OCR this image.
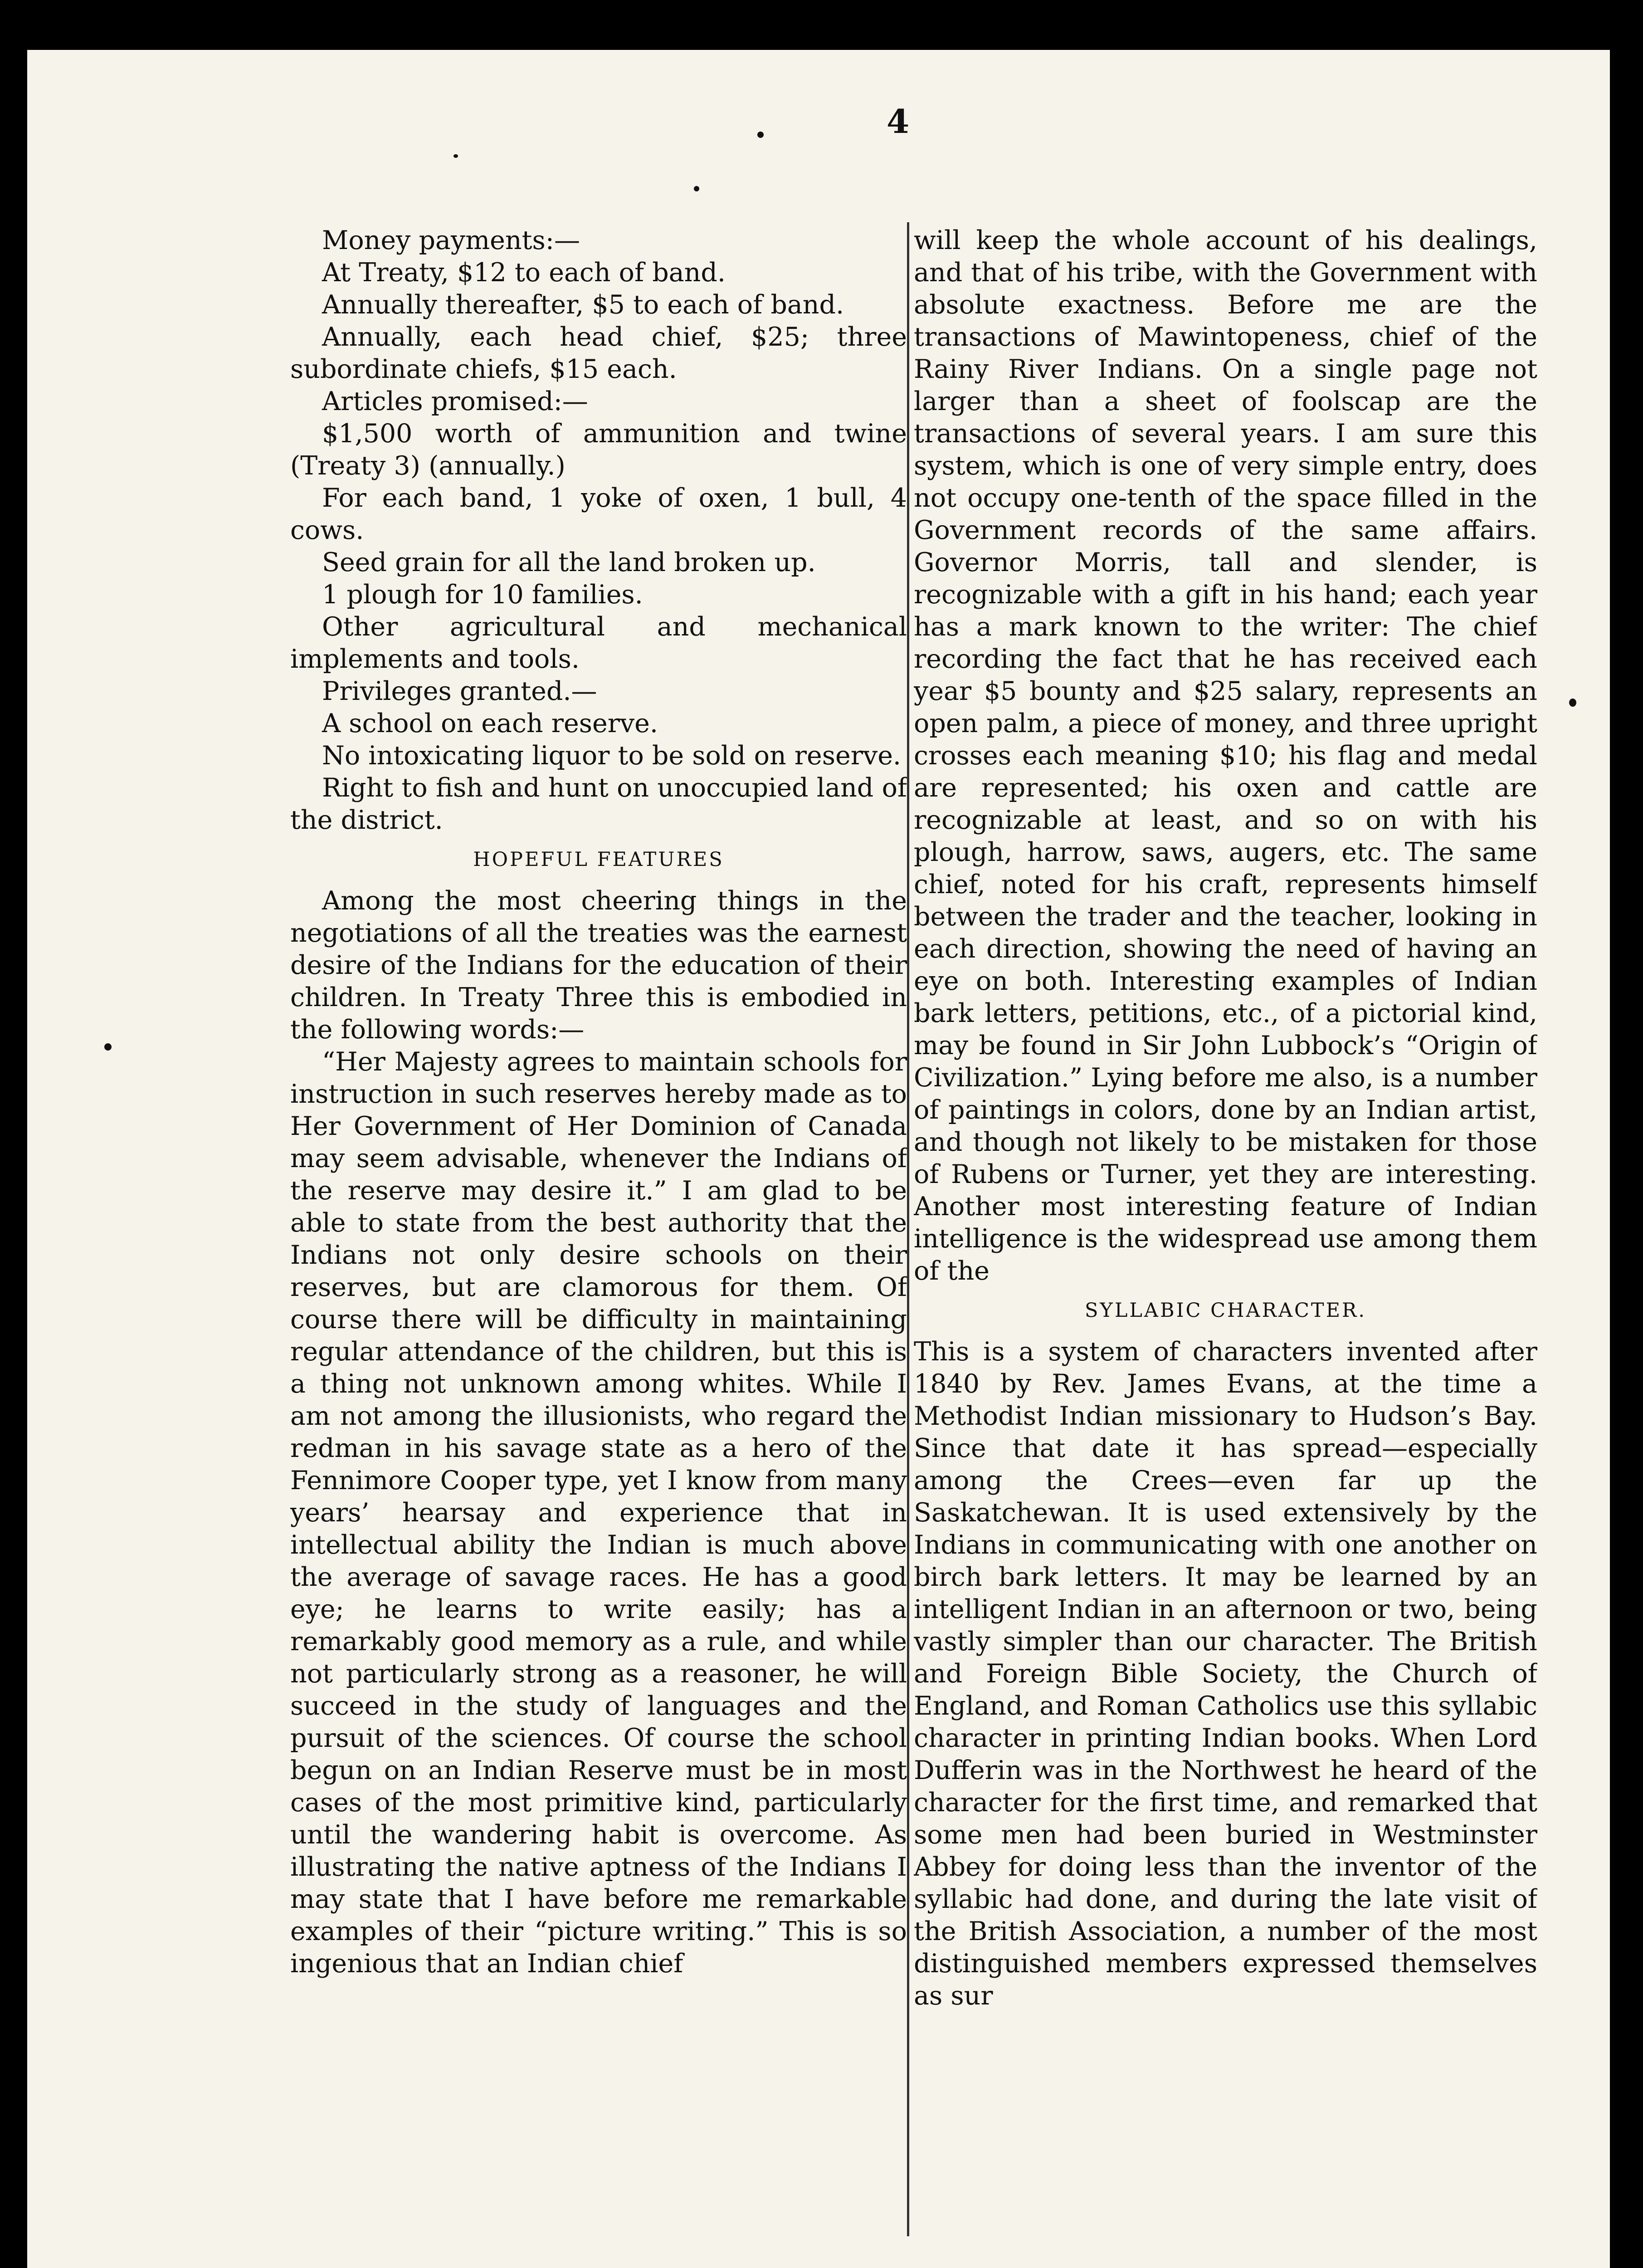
4

Money payments:—

At Treaty, $12 to each of band.

Annually thereafter, $5 to each of band.

Annually, each head chief, $25; three subordinate chiefs, $15 each.

Articles promised:—

$1,500 worth of ammunition and twine (Treaty 3) (annually.)

For each band, 1 yoke of oxen, 1 bull, 4 cows.

Seed grain for all the land broken up.

1 plough for 10 families.

Other agricultural and mechanical implements and tools.

Privileges granted.—

A school on each reserve.

No intoxicating liquor to be sold on reserve.

Right to fish and hunt on unoccupied land of the district.

HOPEFUL FEATURES

Among the most cheering things in the negotiations of all the treaties was the earnest desire of the Indians for the education of their children. In Treaty Three this is embodied in the following words:—

“Her Majesty agrees to maintain schools for instruction in such reserves hereby made as to Her Government of Her Dominion of Canada may seem advisable, whenever the Indians of the reserve may desire it.” I am glad to be able to state from the best authority that the Indians not only desire schools on their reserves, but are clamorous for them. Of course there will be difficulty in maintaining regular attendance of the children, but this is a thing not unknown among whites. While I am not among the illusionists, who regard the redman in his savage state as a hero of the Fennimore Cooper type, yet I know from many years’ hearsay and experience that in intellectual ability the Indian is much above the average of savage races. He has a good eye; he learns to write easily; has a remarkably good memory as a rule, and while not particularly strong as a reasoner, he will succeed in the study of languages and the pursuit of the sciences. Of course the school begun on an Indian Reserve must be in most cases of the most primitive kind, particularly until the wandering habit is overcome. As illustrating the native aptness of the Indians I may state that I have before me remarkable examples of their “picture writing.” This is so ingenious that an Indian chief

will keep the whole account of his dealings, and that of his tribe, with the Government with absolute exactness. Before me are the transactions of Mawintopeness, chief of the Rainy River Indians. On a single page not larger than a sheet of foolscap are the transactions of several years. I am sure this system, which is one of very simple entry, does not occupy one-tenth of the space filled in the Government records of the same affairs. Governor Morris, tall and slender, is recognizable with a gift in his hand; each year has a mark known to the writer: The chief recording the fact that he has received each year $5 bounty and $25 salary, represents an open palm, a piece of money, and three upright crosses each meaning $10; his flag and medal are represented; his oxen and cattle are recognizable at least, and so on with his plough, harrow, saws, augers, etc. The same chief, noted for his craft, represents himself between the trader and the teacher, looking in each direction, showing the need of having an eye on both. Interesting examples of Indian bark letters, petitions, etc., of a pictorial kind, may be found in Sir John Lubbock’s “Origin of Civilization.” Lying before me also, is a number of paintings in colors, done by an Indian artist, and though not likely to be mistaken for those of Rubens or Turner, yet they are interesting. Another most interesting feature of Indian intelligence is the widespread use among them of the

SYLLABIC CHARACTER.

This is a system of characters invented after 1840 by Rev. James Evans, at the time a Methodist Indian missionary to Hudson’s Bay. Since that date it has spread—especially among the Crees—even far up the Saskatchewan. It is used extensively by the Indians in communicating with one another on birch bark letters. It may be learned by an intelligent Indian in an afternoon or two, being vastly simpler than our character. The British and Foreign Bible Society, the Church of England, and Roman Catholics use this syllabic character in printing Indian books. When Lord Dufferin was in the Northwest he heard of the character for the first time, and remarked that some men had been buried in Westminster Abbey for doing less than the inventor of the syllabic had done, and during the late visit of the British Association, a number of the most distinguished members expressed themselves as sur
